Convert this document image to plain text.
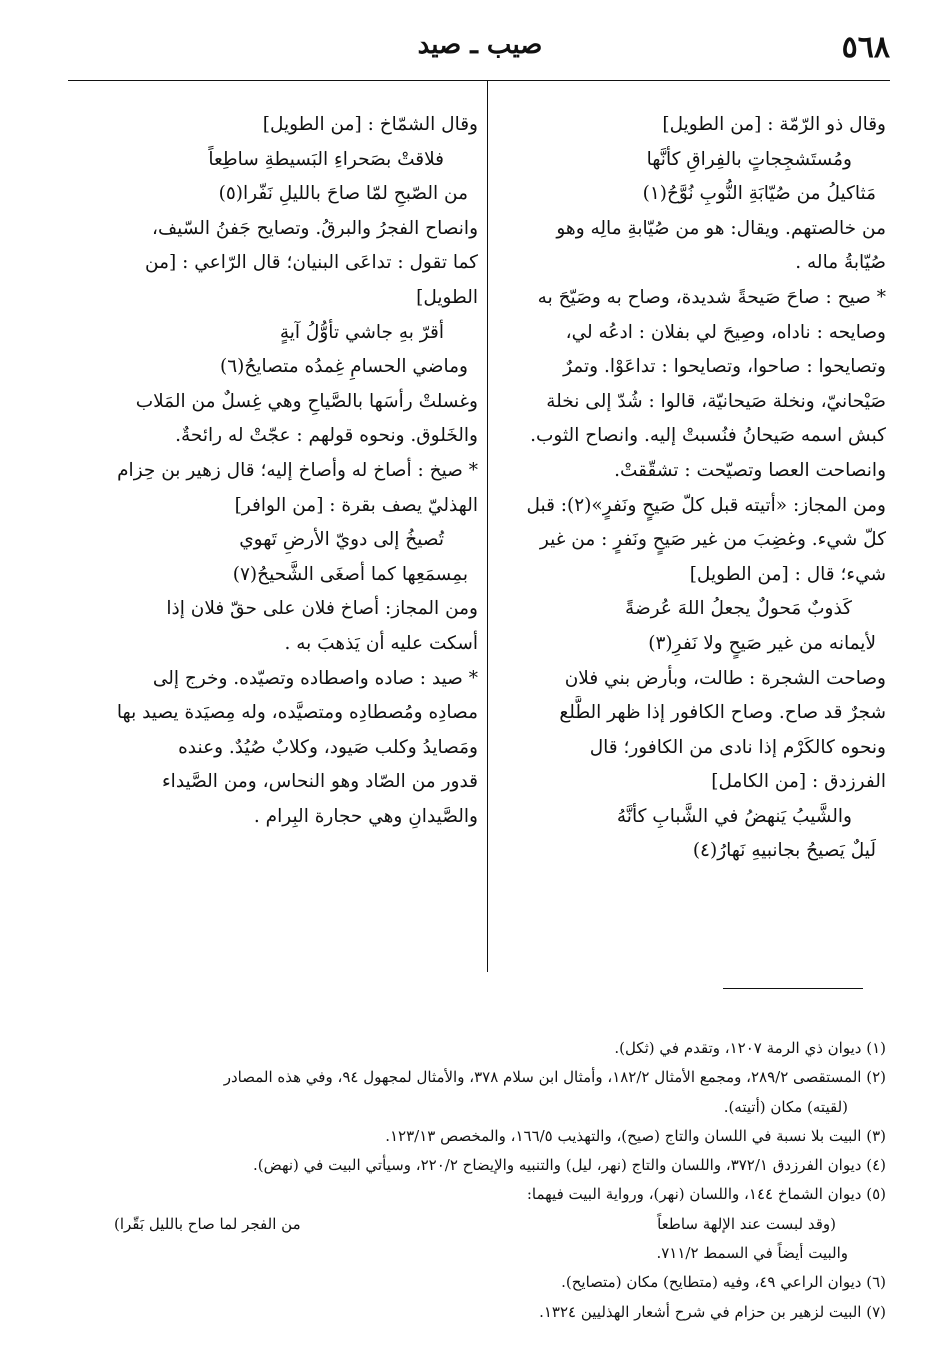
٥٦٨
صيب ـ صيد
وقال ذو الرّمّة : [من الطويل]
ومُستَشجِجاتٍ بالفِراقِ كأنَّها
مَثاكيلُ من صُيّابَةِ النُّوبِ نُوَّحُ(١)
من خالصتهم. ويقال: هو من صُيّابةِ مالِه وهو
صُيّابةُ ماله .
* صيح : صاحَ صَيحةً شديدة، وصاح به وصَيّحَ به
وصايحه : ناداه، وصِيحَ لي بفلان : ادعُه لي،
وتصايحوا : صاحوا، وتصايحوا : تداعَوْا. وتمرٌ
صَيْحانيّ، ونخلة صَيحانيّة، قالوا : شُدّ إلى نخلة
كبش اسمه صَيحانُ فنُسبتْ إليه. وانصاح الثوب.
وانصاحت العصا وتصيّحت : تشقّقتْ.
ومن المجاز: «أتيته قبل كلّ صَيحٍ ونَفرٍ»(٢): قبل
كلّ شيء. وغضِبَ من غير صَيحٍ ونَفرٍ : من غير
شيء؛ قال : [من الطويل]
كَذوبٌ مَحولٌ يجعلُ اللهَ عُرضةً
لأيمانه من غير صَيحٍ ولا نَفرِ(٣)
وصاحت الشجرة : طالت، وبأرض بني فلان
شجرٌ قد صاح. وصاح الكافور إذا ظهر الطَّلع
ونحوه كالكَرْم إذا نادى من الكافور؛ قال
الفرزدق : [من الكامل]
والشَّيبُ يَنهضُ في الشَّبابِ كأنَّهُ
لَيلٌ يَصيحُ بجانبيهِ نَهارُ(٤)
وقال الشمّاخ : [من الطويل]
فلاقتْ بصَحراءِ البَسيطةِ ساطِعاً
من الصّبحِ لمّا صاحَ بالليلِ نَفّرا(٥)
وانصاح الفجرُ والبرقُ. وتصايح جَفنُ السّيف،
كما تقول : تداعَى البنيان؛ قال الرّاعي : [من
الطويل]
أقرّ بهِ جاشي تأوُّلُ آيةٍ
وماضي الحسامِ غِمدُه متصايحُ(٦)
وغسلتْ رأسَها بالصَّياحِ وهي غِسلٌ من المَلاب
والخَلوق. ونحوه قولهم : عجّتْ له رائحةٌ.
* صيخ : أصاخ له وأصاخ إليه؛ قال زهير بن حِزام
الهذليّ يصف بقرة : [من الوافر]
تُصيخُ إلى دويّ الأرضِ تَهوي
بمِسمَعِها كما أصغَى الشَّحيحُ(٧)
ومن المجاز: أصاخ فلان على حقّ فلان إذا
أسكت عليه أن يَذهبَ به .
* صيد : صاده واصطاده وتصيّده. وخرج إلى
مصادِه ومُصطادِه ومتصيَّده، وله مِصيَدة يصيد بها
ومَصايدُ وكلب صَيود، وكلابٌ صُيُدٌ. وعنده
قدور من الصّاد وهو النحاس، ومن الصَّيداء
والصَّيدانِ وهي حجارة البِرام .
(١) ديوان ذي الرمة ١٢٠٧، وتقدم في (ثكل).
(٢) المستقصى ٢٨٩/٢، ومجمع الأمثال ١٨٢/٢، وأمثال ابن سلام ٣٧٨، والأمثال لمجهول ٩٤، وفي هذه المصادر
(لقيته) مكان (أتيته).
(٣) البيت بلا نسبة في اللسان والتاج (صيح)، والتهذيب ١٦٦/٥، والمخصص ١٢٣/١٣.
(٤) ديوان الفرزدق ٣٧٢/١، واللسان والتاج (نهر، ليل) والتنبيه والإيضاح ٢٢٠/٢، وسيأتي البيت في (نهض).
(٥) ديوان الشماخ ١٤٤، واللسان (نهر)، ورواية البيت فيهما:
(وقد لبست عند الإلهة ساطعاً
من الفجر لما صاح بالليل بَقّرا)
والبيت أيضاً في السمط ٧١١/٢.
(٦) ديوان الراعي ٤٩، وفيه (متطايح) مكان (متصايح).
(٧) البيت لزهير بن حزام في شرح أشعار الهذليين ١٣٢٤.
